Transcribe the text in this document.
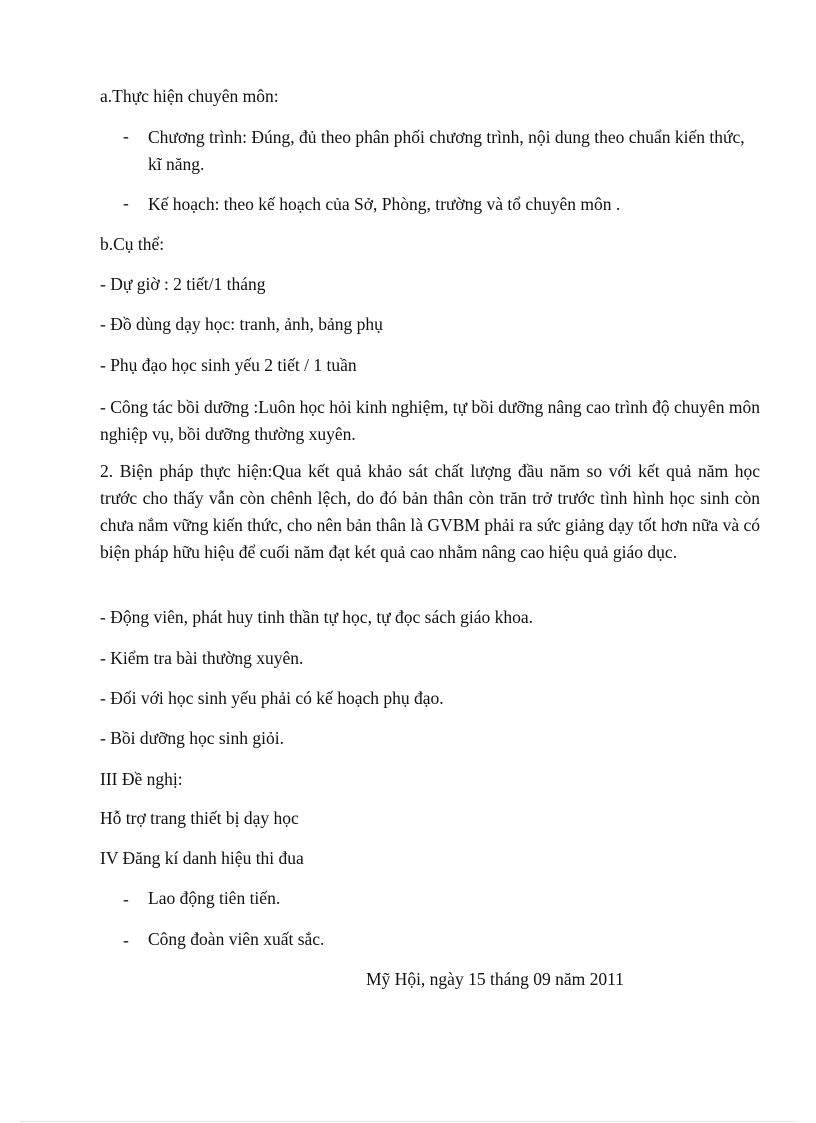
a.Thực hiện chuyên môn:
- Chương trình: Đúng, đủ theo phân phối chương trình, nội dung theo chuẩn kiến thức, kĩ năng.
- Kế hoạch: theo kế hoạch của Sở, Phòng, trường và tổ chuyên môn .
b.Cụ thể:
- Dự giờ : 2 tiết/1 tháng
- Đồ dùng dạy học: tranh, ảnh, bảng phụ
- Phụ đạo học sinh yếu 2 tiết / 1 tuần
- Công tác bồi dưỡng :Luôn học hỏi kinh nghiệm, tự bồi dưỡng nâng cao trình độ chuyên môn nghiệp vụ, bồi dưỡng thường xuyên.
2. Biện pháp thực hiện:Qua kết quả khảo sát chất lượng đầu năm so với kết quả năm học trước cho thấy vẫn còn chênh lệch, do đó bản thân còn trăn trở trước tình hình học sinh còn chưa nắm vững kiến thức, cho nên bản thân là GVBM phải ra sức giảng dạy tốt hơn nữa và có biện pháp hữu hiệu để cuối năm đạt két quả cao nhằm nâng cao hiệu quả giáo dục.
- Động viên, phát huy tinh thần tự học, tự đọc sách giáo khoa.
- Kiểm tra bài thường xuyên.
- Đối với học sinh yếu phải có kế hoạch phụ đạo.
- Bồi dưỡng học sinh giỏi.
III Đề nghị:
Hỗ trợ trang thiết bị dạy học
IV Đăng kí danh hiệu thi đua
- Lao động tiên tiến.
- Công đoàn viên xuất sắc.
Mỹ Hội, ngày 15 tháng 09 năm 2011
